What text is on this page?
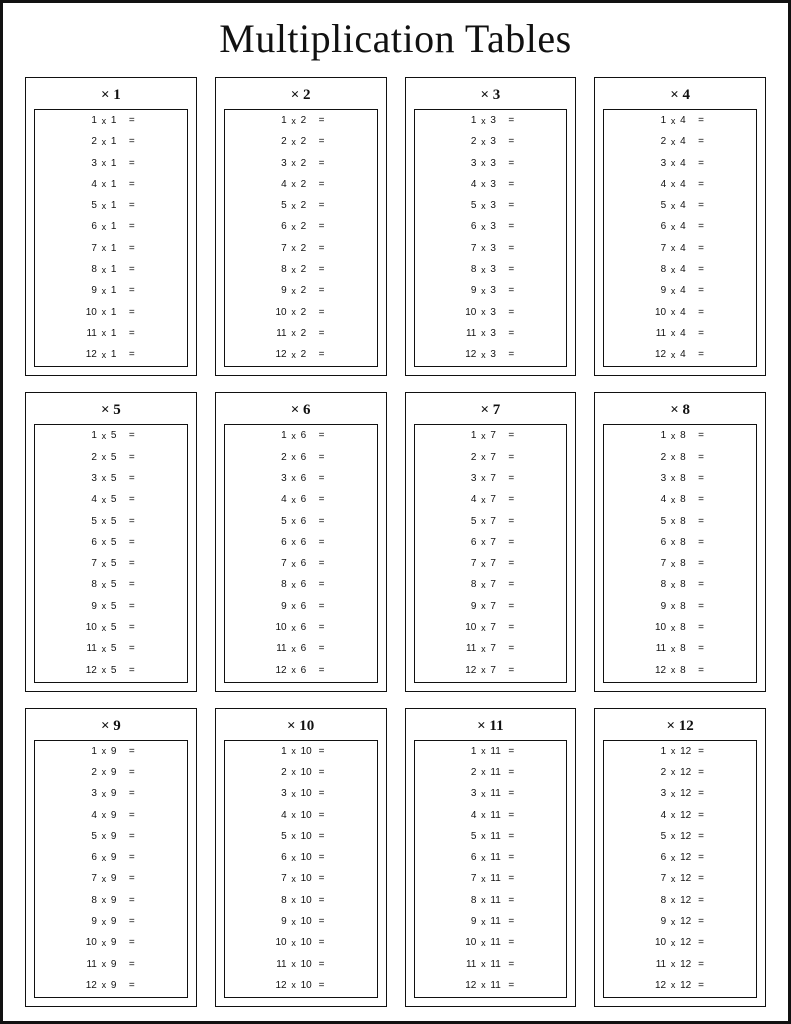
Multiplication Tables
× 1
1 x 1	=
2 x 1	=
3 x 1	=
4 x 1	=
5 x 1	=
6 x 1	=
7 x 1	=
8 x 1	=
9 x 1	=
10 x 1	=
11 x 1	=
12 x 1	= × 2
1 x 2	=
2 x 2	=
3 x 2	=
4 x 2	=
5 x 2	=
6 x 2	=
7 x 2	=
8 x 2	=
9 x 2	=
10 x 2	=
11 x 2	=
12 x 2	= × 3
1 x 3	=
2 x 3	=
3 x 3	=
4 x 3	=
5 x 3	=
6 x 3	=
7 x 3	=
8 x 3	=
9 x 3	=
10 x 3	=
11 x 3	=
12 x 3	= × 4
1 x 4	=
2 x 4	=
3 x 4	=
4 x 4	=
5 x 4	=
6 x 4	=
7 x 4	=
8 x 4	=
9 x 4	=
10 x 4	=
11 x 4	=
12 x 4	=
× 5
1 x 5	=
2 x 5	=
3 x 5	=
4 x 5	=
5 x 5	=
6 x 5	=
7 x 5	=
8 x 5	=
9 x 5	=
10 x 5	=
11 x 5	=
12 x 5	= × 6
1 x 6	=
2 x 6	=
3 x 6	=
4 x 6	=
5 x 6	=
6 x 6	=
7 x 6	=
8 x 6	=
9 x 6	=
10 x 6	=
11 x 6	=
12 x 6	= × 7
1 x 7	=
2 x 7	=
3 x 7	=
4 x 7	=
5 x 7	=
6 x 7	=
7 x 7	=
8 x 7	=
9 x 7	=
10 x 7	=
11 x 7	=
12 x 7	= × 8
1 x 8	=
2 x 8	=
3 x 8	=
4 x 8	=
5 x 8	=
6 x 8	=
7 x 8	=
8 x 8	=
9 x 8	=
10 x 8	=
11 x 8	=
12 x 8	=
× 9
1 x 9	=
2 x 9	=
3 x 9	=
4 x 9	=
5 x 9	=
6 x 9	=
7 x 9	=
8 x 9	=
9 x 9	=
10 x 9	=
11 x 9	=
12 x 9	=	× 10
1 x 10 =
2 x 10 =
3 x 10 =
4 x 10 =
5 x 10 =
6 x 10 =
7 x 10 =
8 x 10 =
9 x 10 =
10 x 10 =
11 x 10 =
12 x 10 =
× 11
1 x 11 =
2 x 11 =
3 x 11 =
4 x 11 =
5 x 11 =
6 x 11 =
7 x 11 =
8 x 11 =
9 x 11 =
10 x 11 =
11 x 11 =
12 x 11 =
× 12
1 x 12 =
2 x 12 =
3 x 12 =
4 x 12 =
5 x 12 =
6 x 12 =
7 x 12 =
8 x 12 =
9 x 12 =
10 x 12 =
11 x 12 =
12 x 12 =
